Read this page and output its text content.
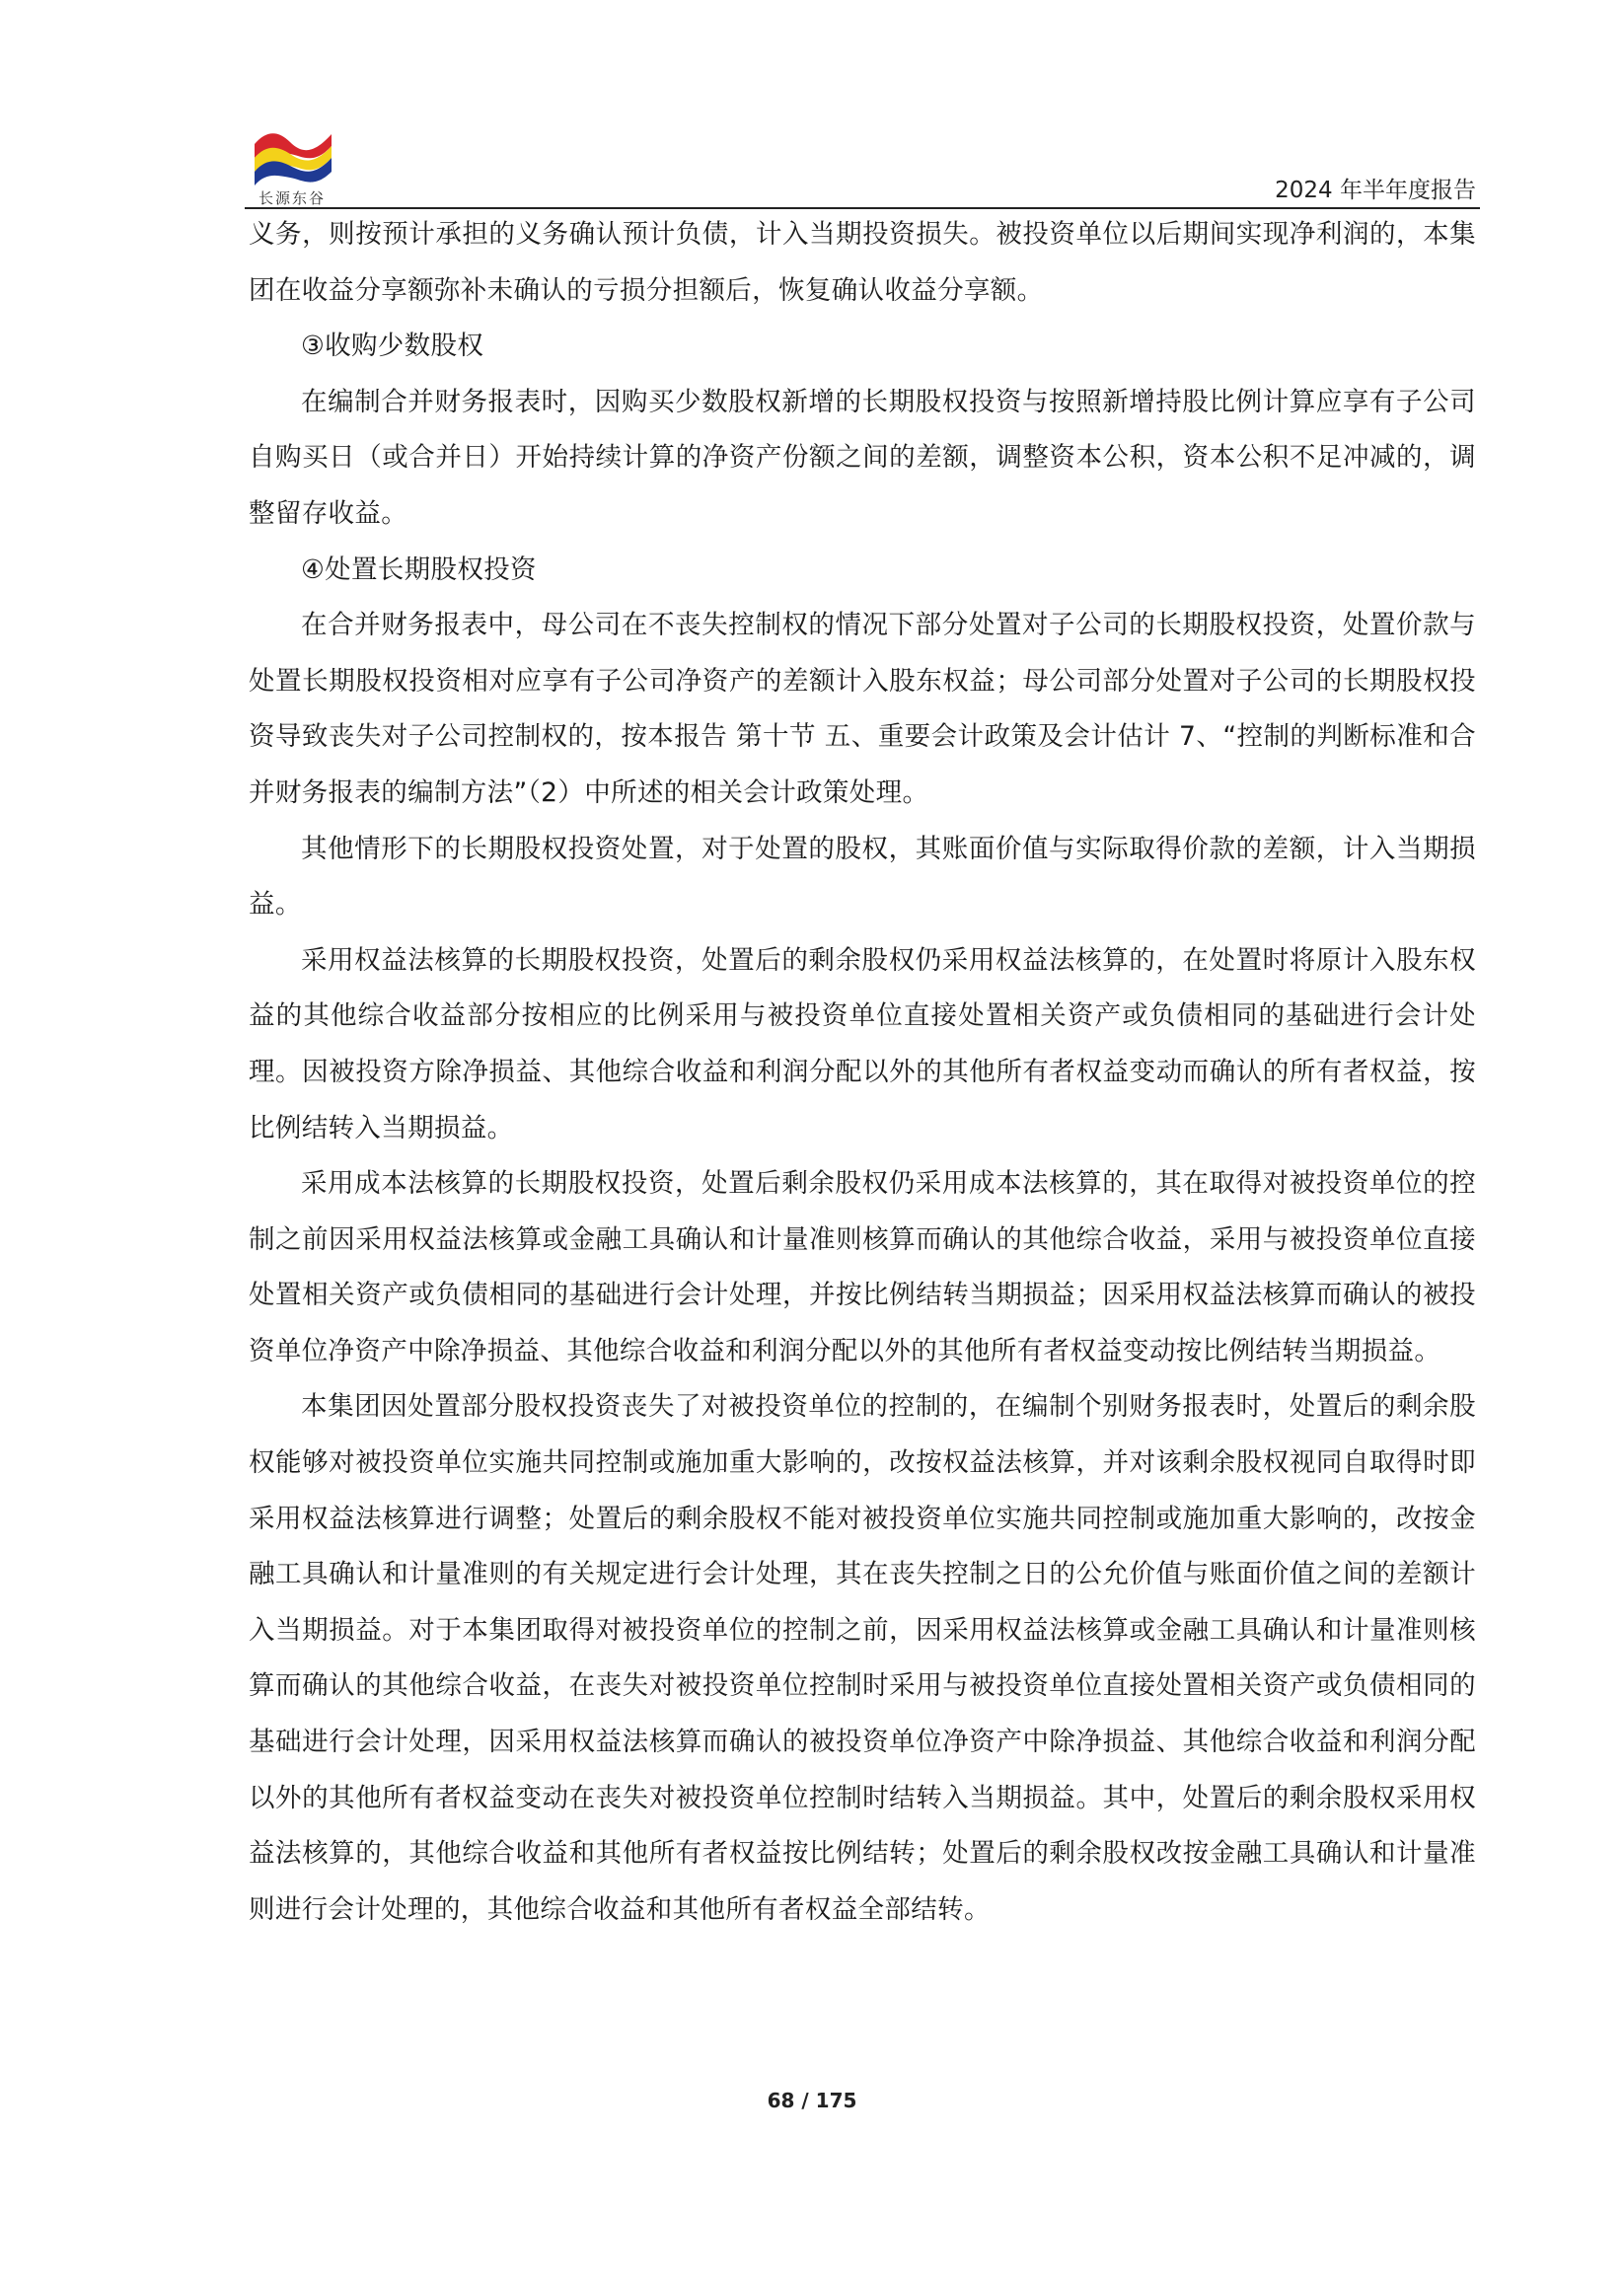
长源东谷	2024 年半年度报告

义务，则按预计承担的义务确认预计负债，计入当期投资损失。被投资单位以后期间实现净利润的，本集团在收益分享额弥补未确认的亏损分担额后，恢复确认收益分享额。

③收购少数股权

在编制合并财务报表时，因购买少数股权新增的长期股权投资与按照新增持股比例计算应享有子公司自购买日（或合并日）开始持续计算的净资产份额之间的差额，调整资本公积，资本公积不足冲减的，调整留存收益。

④处置长期股权投资

在合并财务报表中，母公司在不丧失控制权的情况下部分处置对子公司的长期股权投资，处置价款与处置长期股权投资相对应享有子公司净资产的差额计入股东权益；母公司部分处置对子公司的长期股权投资导致丧失对子公司控制权的，按本报告 第十节 五、重要会计政策及会计估计 7、“控制的判断标准和合并财务报表的编制方法”（2）中所述的相关会计政策处理。

其他情形下的长期股权投资处置，对于处置的股权，其账面价值与实际取得价款的差额，计入当期损益。

采用权益法核算的长期股权投资，处置后的剩余股权仍采用权益法核算的，在处置时将原计入股东权益的其他综合收益部分按相应的比例采用与被投资单位直接处置相关资产或负债相同的基础进行会计处理。因被投资方除净损益、其他综合收益和利润分配以外的其他所有者权益变动而确认的所有者权益，按比例结转入当期损益。

采用成本法核算的长期股权投资，处置后剩余股权仍采用成本法核算的，其在取得对被投资单位的控制之前因采用权益法核算或金融工具确认和计量准则核算而确认的其他综合收益，采用与被投资单位直接处置相关资产或负债相同的基础进行会计处理，并按比例结转当期损益；因采用权益法核算而确认的被投资单位净资产中除净损益、其他综合收益和利润分配以外的其他所有者权益变动按比例结转当期损益。

本集团因处置部分股权投资丧失了对被投资单位的控制的，在编制个别财务报表时，处置后的剩余股权能够对被投资单位实施共同控制或施加重大影响的，改按权益法核算，并对该剩余股权视同自取得时即采用权益法核算进行调整；处置后的剩余股权不能对被投资单位实施共同控制或施加重大影响的，改按金融工具确认和计量准则的有关规定进行会计处理，其在丧失控制之日的公允价值与账面价值之间的差额计入当期损益。对于本集团取得对被投资单位的控制之前，因采用权益法核算或金融工具确认和计量准则核算而确认的其他综合收益，在丧失对被投资单位控制时采用与被投资单位直接处置相关资产或负债相同的基础进行会计处理，因采用权益法核算而确认的被投资单位净资产中除净损益、其他综合收益和利润分配以外的其他所有者权益变动在丧失对被投资单位控制时结转入当期损益。其中，处置后的剩余股权采用权益法核算的，其他综合收益和其他所有者权益按比例结转；处置后的剩余股权改按金融工具确认和计量准则进行会计处理的，其他综合收益和其他所有者权益全部结转。

68 / 175
